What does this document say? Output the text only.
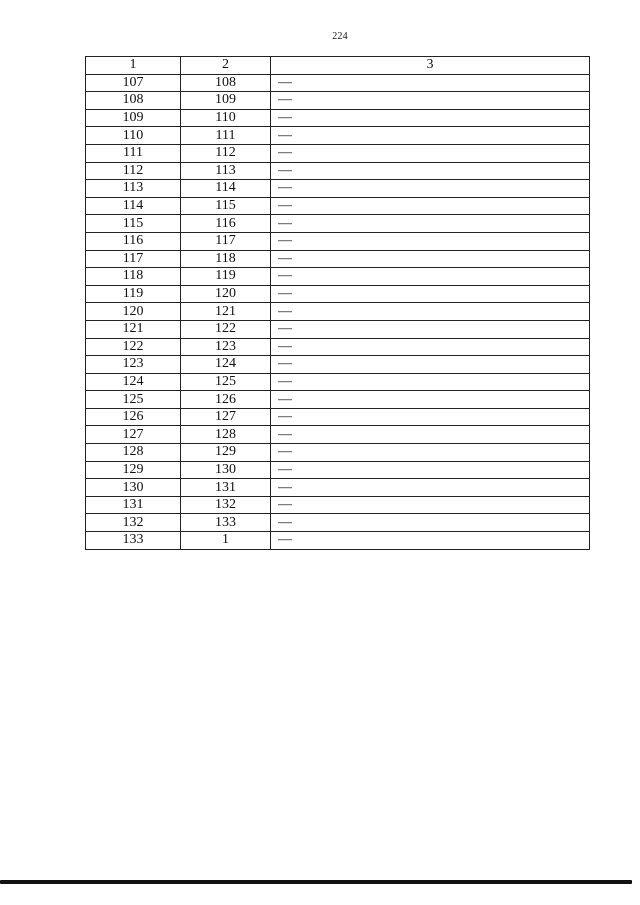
224
1	2	3
107	108	—
108	109	—
109	110	—
110	111	—
111	112	—
112	113	—
113	114	—
114	115	—
115	116	—
116	117	—
117	118	—
118	119	—
119	120	—
120	121	—
121	122	—
122	123	—
123	124	—
124	125	—
125	126	—
126	127	—
127	128	—
128	129	—
129	130	—
130	131	—
131	132	—
132	133	—
133	1	—
